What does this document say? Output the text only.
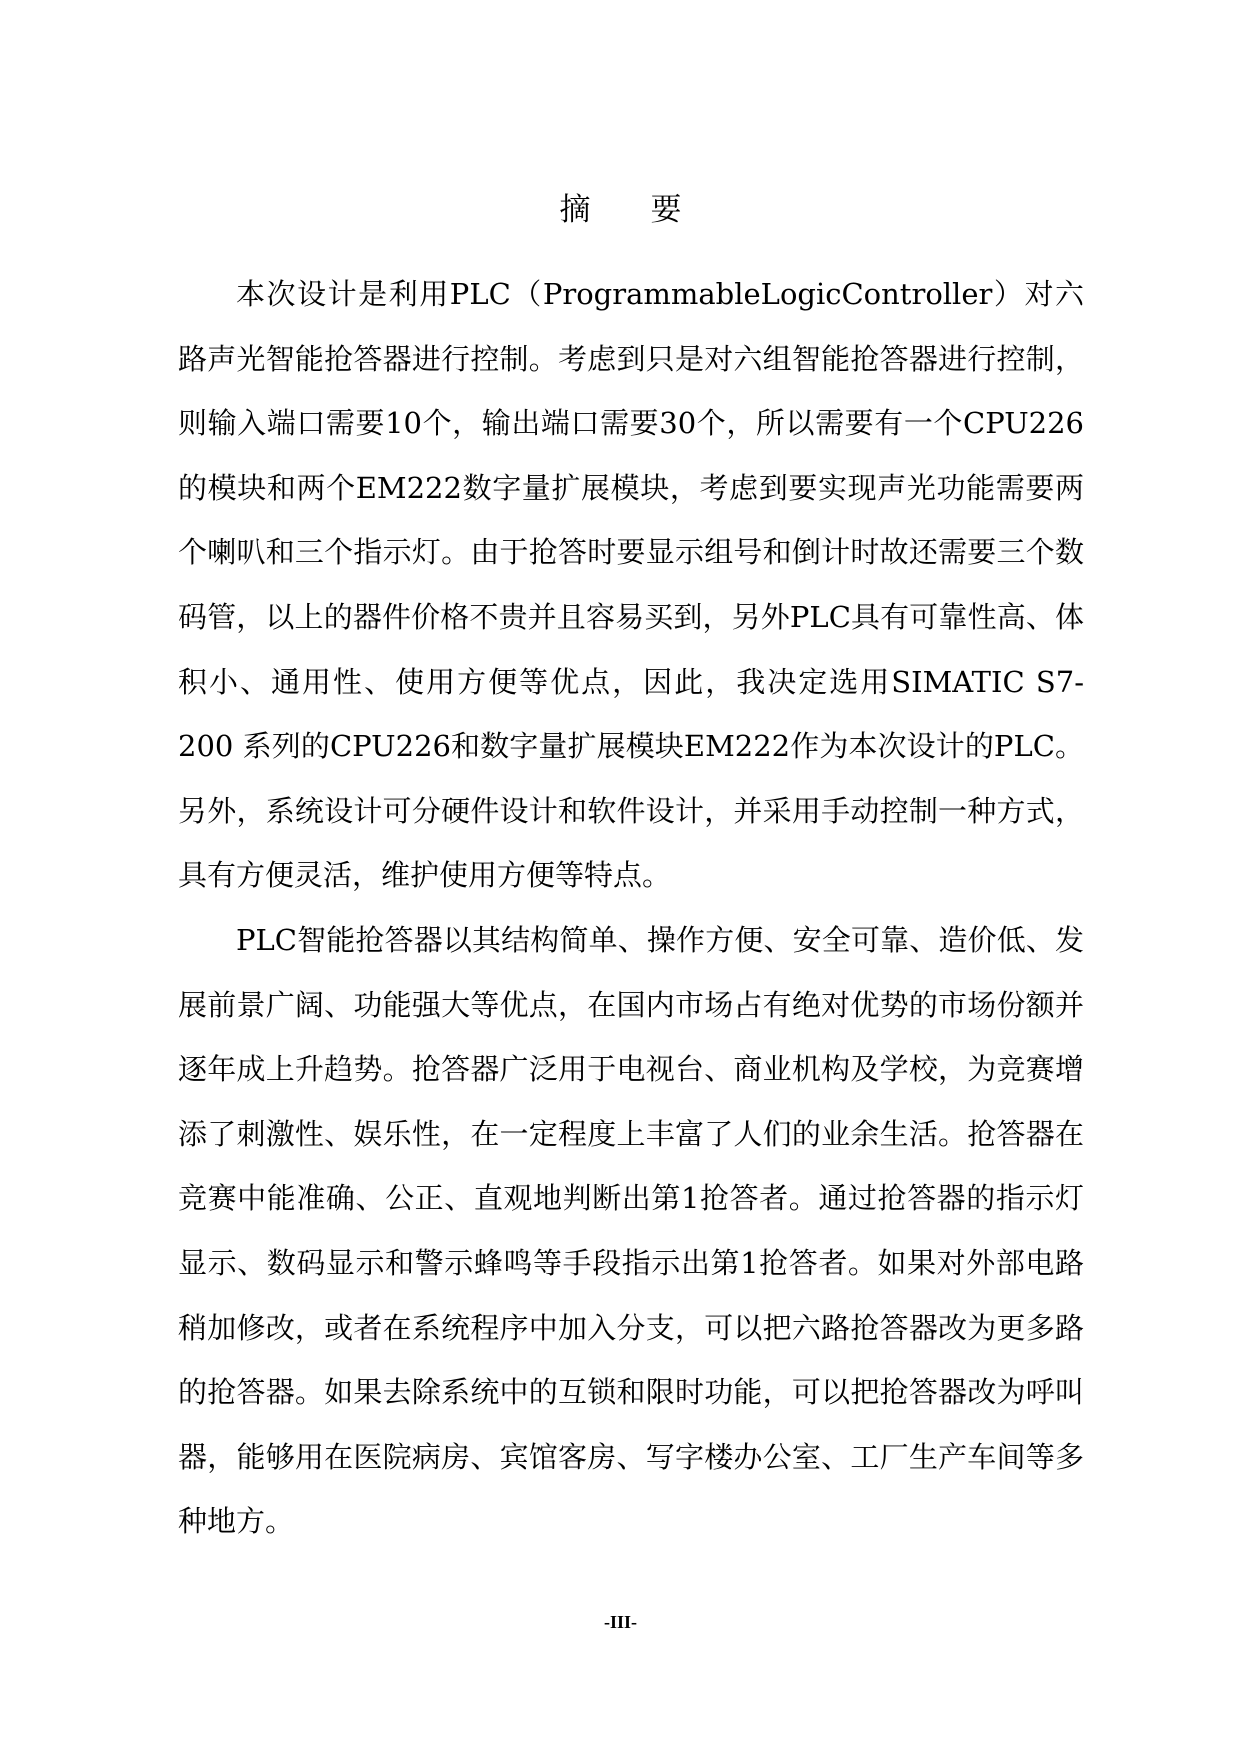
摘 要

本次设计是利用PLC（ProgrammableLogicController）对六路声光智能抢答器进行控制。考虑到只是对六组智能抢答器进行控制，则输入端口需要10个，输出端口需要30个，所以需要有一个CPU226的模块和两个EM222数字量扩展模块，考虑到要实现声光功能需要两个喇叭和三个指示灯。由于抢答时要显示组号和倒计时故还需要三个数码管，以上的器件价格不贵并且容易买到，另外PLC具有可靠性高、体积小、通用性、使用方便等优点，因此，我决定选用SIMATIC S7-200 系列的CPU226和数字量扩展模块EM222作为本次设计的PLC。另外，系统设计可分硬件设计和软件设计，并采用手动控制一种方式，具有方便灵活，维护使用方便等特点。

PLC智能抢答器以其结构简单、操作方便、安全可靠、造价低、发展前景广阔、功能强大等优点，在国内市场占有绝对优势的市场份额并逐年成上升趋势。抢答器广泛用于电视台、商业机构及学校，为竞赛增添了刺激性、娱乐性，在一定程度上丰富了人们的业余生活。抢答器在竞赛中能准确、公正、直观地判断出第1抢答者。通过抢答器的指示灯显示、数码显示和警示蜂鸣等手段指示出第1抢答者。如果对外部电路稍加修改，或者在系统程序中加入分支，可以把六路抢答器改为更多路的抢答器。如果去除系统中的互锁和限时功能，可以把抢答器改为呼叫器，能够用在医院病房、宾馆客房、写字楼办公室、工厂生产车间等多种地方。

-III-
